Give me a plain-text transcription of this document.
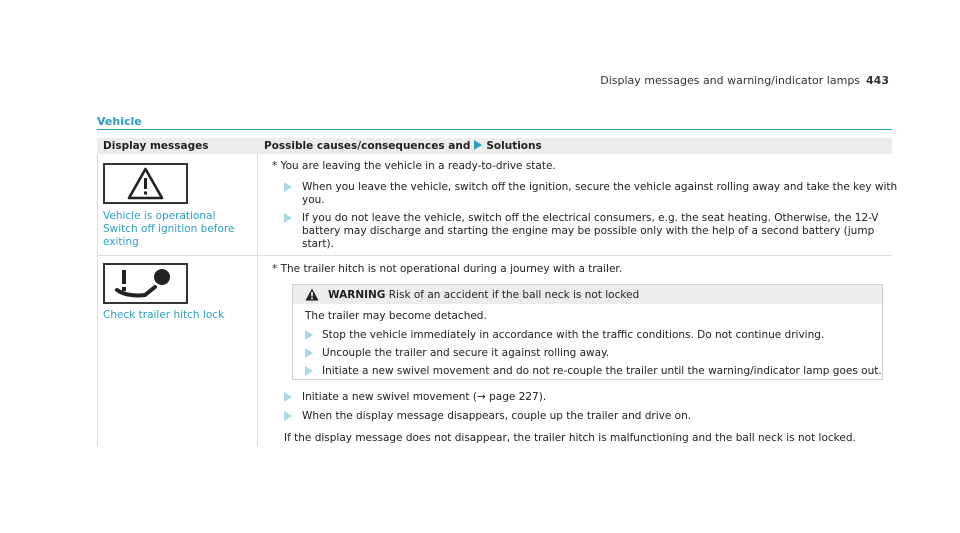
Display messages and warning/indicator lamps 443
Vehicle
Display messages	Possible causes/consequences and Solutions
Vehicle is operational
Switch off ignition before
exiting
* You are leaving the vehicle in a ready-to-drive state.
When you leave the vehicle, switch off the ignition, secure the vehicle against rolling away and take the key with
you.
If you do not leave the vehicle, switch off the electrical consumers, e.g. the seat heating. Otherwise, the 12-V
battery may discharge and starting the engine may be possible only with the help of a second battery (jump
start).
Check trailer hitch lock
* The trailer hitch is not operational during a journey with a trailer.
WARNING Risk of an accident if the ball neck is not locked
The trailer may become detached.
Stop the vehicle immediately in accordance with the traffic conditions. Do not continue driving.
Uncouple the trailer and secure it against rolling away.
Initiate a new swivel movement and do not re-couple the trailer until the warning/indicator lamp goes out.
Initiate a new swivel movement (→ page 227).
When the display message disappears, couple up the trailer and drive on.
If the display message does not disappear, the trailer hitch is malfunctioning and the ball neck is not locked.
